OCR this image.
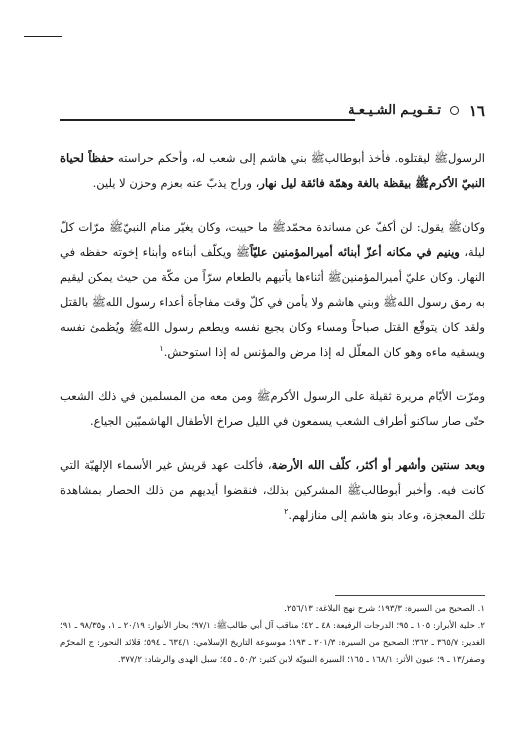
١٦
تـقـويـم الشـيـعـة

الرسولﷺ ليقتلوه. فأخذ أبوطالبﷺ بني هاشم إلى شعب له، وأحكم حراسته حفظاً لحياة النبيّ الأكرمﷺ بيقظة بالغة وهمّة فائقة ليل نهار، وراح يذبّ عنه بعزم وحزن لا يلين.

وكانﷺ يقول: لن أكفّ عن مساندة محمّدﷺ ما حييت، وكان يغيّر منام النبيّﷺ مرّات كلّ ليلة، وينيم في مكانه أعزّ أبنائه أميرالمؤمنين عليّاًﷺ ويكلّف أبناءه وأبناء إخوته حفظه في النهار. وكان عليّ أميرالمؤمنينﷺ أثناءها يأتيهم بالطعام سرّاً من مكّة من حيث يمكن ليقيم به رمق رسول اللهﷺ وبني هاشم ولا يأمن في كلّ وقت مفاجأة أعداء رسول اللهﷺ بالقتل ولقد كان يتوقّع القتل صباحاً ومساء وكان يجيع نفسه ويطعم رسول اللهﷺ ويُظمئ نفسه ويسقيه ماءه وهو كان المعلّل له إذا مرض والمؤنس له إذا استوحش.$^١$

ومرّت الأيّام مريرة ثقيلة على الرسول الأكرمﷺ ومن معه من المسلمين في ذلك الشعب حتّى صار ساكنو أطراف الشعب يسمعون في الليل صراخ الأطفال الهاشميّين الجياع.

وبعد سنتين وأشهر أو أكثر، كلّف الله الأرضة، فأكلت عهد قريش غير الأسماء الإلهيّة التي كانت فيه. وأخبر أبوطالبﷺ المشركين بذلك، فنقضوا أيديهم من ذلك الحصار بمشاهدة تلك المعجزة، وعاد بنو هاشم إلى منازلهم.$^٢$

١. الصحيح من السيرة: ١٩٣/٣؛ شرح نهج البلاغة: ٢٥٦/١٣.
٢. حلية الأبرار: ١٠٥ ـ ٩٥؛ الدرجات الرفيعة: ٤٨ ـ ٤٢؛ مناقب آل أبي طالبﷺ: ٩٧/١؛ بحار الأنوار: ٢٠/١٩ ـ ١، و٩٨/٣٥ ـ ٩١؛ الغدير: ٣٦٥/٧ ـ ٣٦٢؛ الصحيح من السيرة: ٢٠١/٣ ـ ١٩٣؛ موسوعة التاريخ الإسلامي: ٦٣٤/١ ـ ٥٩٤؛ قلائد النحور: ج المحرّم وصفر/١٣ ـ ٩؛ عيون الأثر: ١٦٨/١ ـ ١٦٥؛ السيرة النبويّة لابن كثير: ٥٠/٢ ـ ٤٥؛ سبل الهدى والرشاد: ٣٧٧/٢.
